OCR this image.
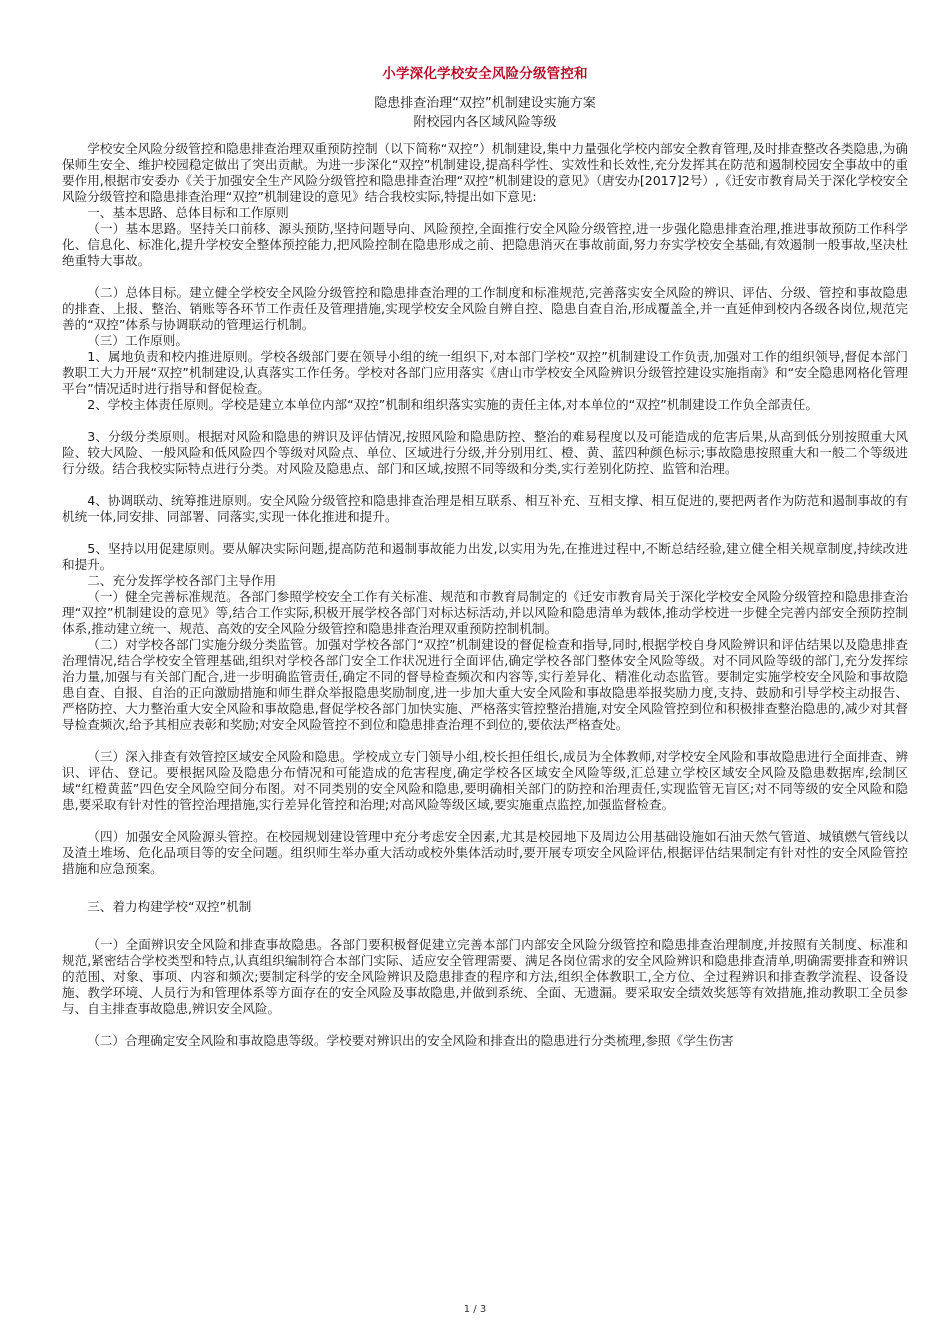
小学深化学校安全风险分级管控和
隐患排查治理“双控”机制建设实施方案
附校园内各区域风险等级

学校安全风险分级管控和隐患排查治理双重预防控制（以下简称“双控”）机制建设,集中力量强化学校内部安全教育管理,及时排查整改各类隐患,为确保师生安全、维护校园稳定做出了突出贡献。为进一步深化“双控”机制建设,提高科学性、实效性和长效性,充分发挥其在防范和遏制校园安全事故中的重要作用,根据市安委办《关于加强安全生产风险分级管控和隐患排查治理“双控”机制建设的意见》（唐安办[2017]2号）,《迁安市教育局关于深化学校安全风险分级管控和隐患排查治理“双控”机制建设的意见》结合我校实际,特提出如下意见:

一、基本思路、总体目标和工作原则

（一）基本思路。坚持关口前移、源头预防,坚持问题导向、风险预控,全面推行安全风险分级管控,进一步强化隐患排查治理,推进事故预防工作科学化、信息化、标准化,提升学校安全整体预控能力,把风险控制在隐患形成之前、把隐患消灭在事故前面,努力夯实学校安全基础,有效遏制一般事故,坚决杜绝重特大事故。

（二）总体目标。建立健全学校安全风险分级管控和隐患排查治理的工作制度和标准规范,完善落实安全风险的辨识、评估、分级、管控和事故隐患的排查、上报、整治、销账等各环节工作责任及管理措施,实现学校安全风险自辨自控、隐患自查自治,形成覆盖全,并一直延伸到校内各级各岗位,规范完善的“双控”体系与协调联动的管理运行机制。

（三）工作原则。

1、属地负责和校内推进原则。学校各级部门要在领导小组的统一组织下,对本部门学校“双控”机制建设工作负责,加强对工作的组织领导,督促本部门教职工大力开展“双控”机制建设,认真落实工作任务。学校对各部门应用落实《唐山市学校安全风险辨识分级管控建设实施指南》和“安全隐患网格化管理平台”情况适时进行指导和督促检查。

2、学校主体责任原则。学校是建立本单位内部“双控”机制和组织落实实施的责任主体,对本单位的“双控”机制建设工作负全部责任。

3、分级分类原则。根据对风险和隐患的辨识及评估情况,按照风险和隐患防控、整治的难易程度以及可能造成的危害后果,从高到低分别按照重大风险、较大风险、一般风险和低风险四个等级对风险点、单位、区域进行分级,并分别用红、橙、黄、蓝四种颜色标示;事故隐患按照重大和一般二个等级进行分级。结合我校实际特点进行分类。对风险及隐患点、部门和区域,按照不同等级和分类,实行差别化防控、监管和治理。

4、协调联动、统筹推进原则。安全风险分级管控和隐患排查治理是相互联系、相互补充、互相支撑、相互促进的,要把两者作为防范和遏制事故的有机统一体,同安排、同部署、同落实,实现一体化推进和提升。

5、坚持以用促建原则。要从解决实际问题,提高防范和遏制事故能力出发,以实用为先,在推进过程中,不断总结经验,建立健全相关规章制度,持续改进和提升。

二、充分发挥学校各部门主导作用

（一）健全完善标准规范。各部门参照学校安全工作有关标准、规范和市教育局制定的《迁安市教育局关于深化学校安全风险分级管控和隐患排查治理“双控”机制建设的意见》等,结合工作实际,积极开展学校各部门对标达标活动,并以风险和隐患清单为载体,推动学校进一步健全完善内部安全预防控制体系,推动建立统一、规范、高效的安全风险分级管控和隐患排查治理双重预防控制机制。

（二）对学校各部门实施分级分类监管。加强对学校各部门“双控”机制建设的督促检查和指导,同时,根据学校自身风险辨识和评估结果以及隐患排查治理情况,结合学校安全管理基础,组织对学校各部门安全工作状况进行全面评估,确定学校各部门整体安全风险等级。对不同风险等级的部门,充分发挥综治力量,加强与有关部门配合,进一步明确监管责任,确定不同的督导检查频次和内容等,实行差异化、精准化动态监管。要制定实施学校安全风险和事故隐患自查、自报、自治的正向激励措施和师生群众举报隐患奖励制度,进一步加大重大安全风险和事故隐患举报奖励力度,支持、鼓励和引导学校主动报告、严格防控、大力整治重大安全风险和事故隐患,督促学校各部门加快实施、严格落实管控整治措施,对安全风险管控到位和积极排查整治隐患的,减少对其督导检查频次,给予其相应表彰和奖励;对安全风险管控不到位和隐患排查治理不到位的,要依法严格查处。

（三）深入排查有效管控区域安全风险和隐患。学校成立专门领导小组,校长担任组长,成员为全体教师,对学校安全风险和事故隐患进行全面排查、辨识、评估、登记。要根据风险及隐患分布情况和可能造成的危害程度,确定学校各区域安全风险等级,汇总建立学校区域安全风险及隐患数据库,绘制区域“红橙黄蓝”四色安全风险空间分布图。对不同类别的安全风险和隐患,要明确相关部门的防控和治理责任,实现监管无盲区;对不同等级的安全风险和隐患,要采取有针对性的管控治理措施,实行差异化管控和治理;对高风险等级区域,要实施重点监控,加强监督检查。

（四）加强安全风险源头管控。在校园规划建设管理中充分考虑安全因素,尤其是校园地下及周边公用基础设施如石油天然气管道、城镇燃气管线以及渣土堆场、危化品项目等的安全问题。组织师生举办重大活动或校外集体活动时,要开展专项安全风险评估,根据评估结果制定有针对性的安全风险管控措施和应急预案。

三、着力构建学校“双控”机制

（一）全面辨识安全风险和排查事故隐患。各部门要积极督促建立完善本部门内部安全风险分级管控和隐患排查治理制度,并按照有关制度、标准和规范,紧密结合学校类型和特点,认真组织编制符合本部门实际、适应安全管理需要、满足各岗位需求的安全风险辨识和隐患排查清单,明确需要排查和辨识的范围、对象、事项、内容和频次;要制定科学的安全风险辨识及隐患排查的程序和方法,组织全体教职工,全方位、全过程辨识和排查教学流程、设备设施、教学环境、人员行为和管理体系等方面存在的安全风险及事故隐患,并做到系统、全面、无遗漏。要采取安全绩效奖惩等有效措施,推动教职工全员参与、自主排查事故隐患,辨识安全风险。

（二）合理确定安全风险和事故隐患等级。学校要对辨识出的安全风险和排查出的隐患进行分类梳理,参照《学生伤害

1 / 3
